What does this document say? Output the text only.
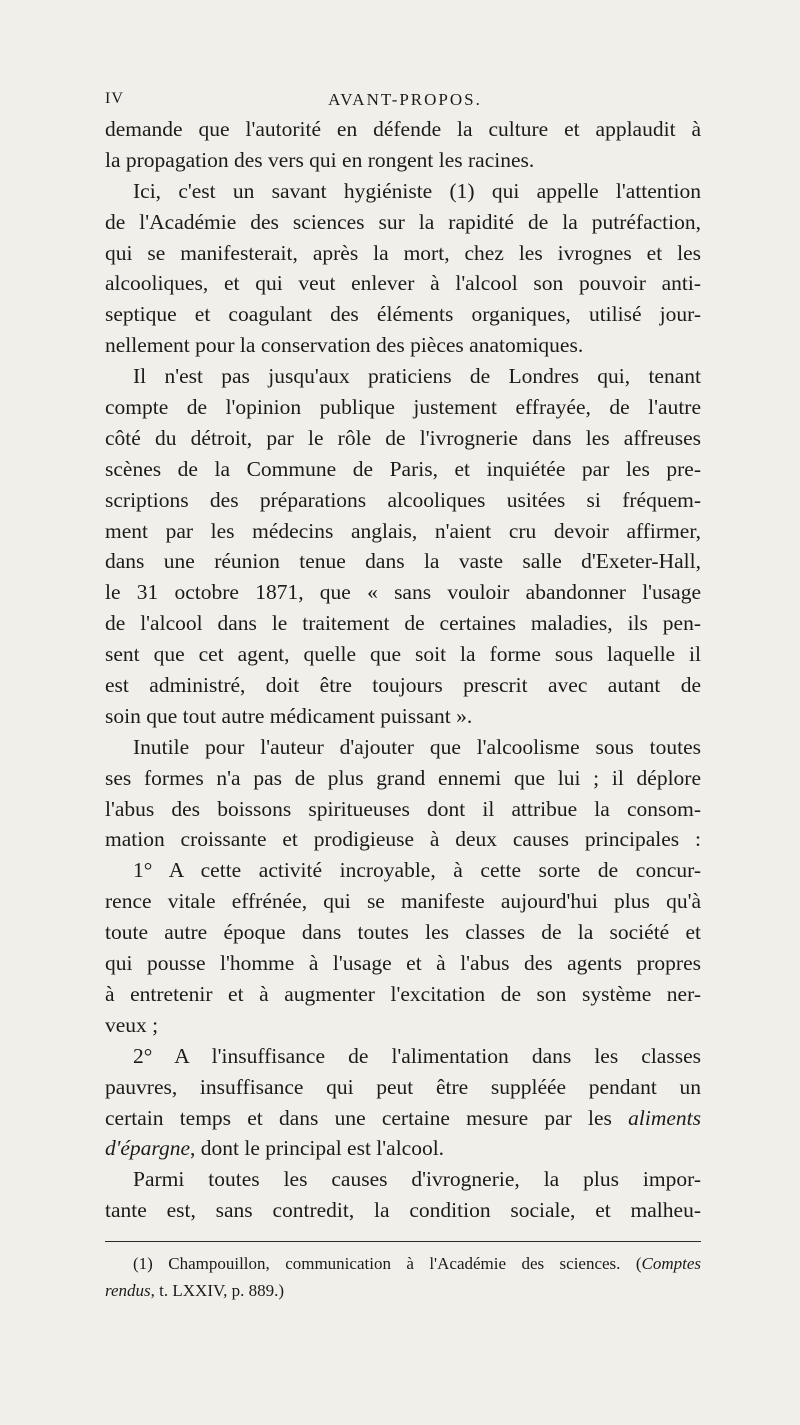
IV	AVANT-PROPOS.
demande que l'autorité en défende la culture et applaudit à
la propagation des vers qui en rongent les racines.
Ici, c'est un savant hygiéniste (1) qui appelle l'attention
de l'Académie des sciences sur la rapidité de la putréfaction,
qui se manifesterait, après la mort, chez les ivrognes et les
alcooliques, et qui veut enlever à l'alcool son pouvoir anti-
septique et coagulant des éléments organiques, utilisé jour-
nellement pour la conservation des pièces anatomiques.
Il n'est pas jusqu'aux praticiens de Londres qui, tenant
compte de l'opinion publique justement effrayée, de l'autre
côté du détroit, par le rôle de l'ivrognerie dans les affreuses
scènes de la Commune de Paris, et inquiétée par les pre-
scriptions des préparations alcooliques usitées si fréquem-
ment par les médecins anglais, n'aient cru devoir affirmer,
dans une réunion tenue dans la vaste salle d'Exeter-Hall,
le 31 octobre 1871, que « sans vouloir abandonner l'usage
de l'alcool dans le traitement de certaines maladies, ils pen-
sent que cet agent, quelle que soit la forme sous laquelle il
est administré, doit être toujours prescrit avec autant de
soin que tout autre médicament puissant ».
Inutile pour l'auteur d'ajouter que l'alcoolisme sous toutes
ses formes n'a pas de plus grand ennemi que lui ; il déplore
l'abus des boissons spiritueuses dont il attribue la consom-
mation croissante et prodigieuse à deux causes principales :
1° A cette activité incroyable, à cette sorte de concur-
rence vitale effrénée, qui se manifeste aujourd'hui plus qu'à
toute autre époque dans toutes les classes de la société et
qui pousse l'homme à l'usage et à l'abus des agents propres
à entretenir et à augmenter l'excitation de son système ner-
veux ;
2° A l'insuffisance de l'alimentation dans les classes
pauvres, insuffisance qui peut être suppléée pendant un
certain temps et dans une certaine mesure par les aliments
d'épargne, dont le principal est l'alcool.
Parmi toutes les causes d'ivrognerie, la plus impor-
tante est, sans contredit, la condition sociale, et malheu-
(1) Champouillon, communication à l'Académie des sciences. (Comptes
rendus, t. LXXIV, p. 889.)
